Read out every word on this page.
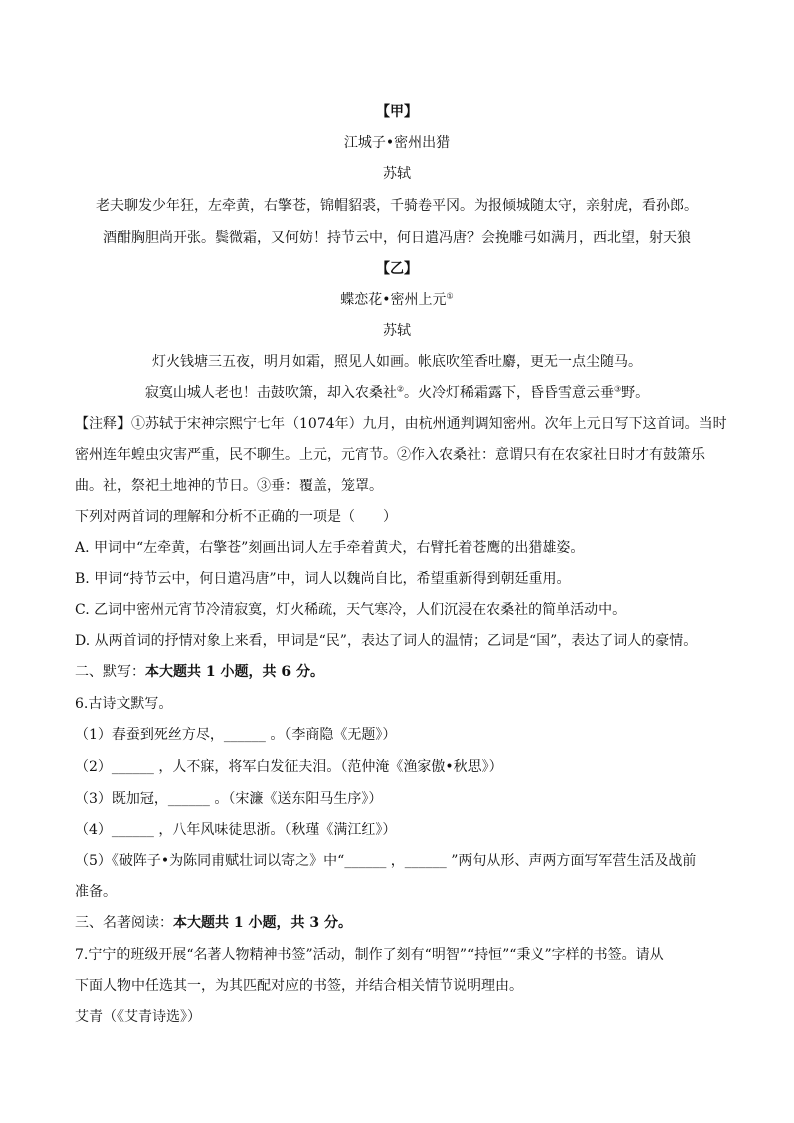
【甲】
江城子•密州出猎
苏轼
老夫聊发少年狂，左牵黄，右擎苍，锦帽貂裘，千骑卷平冈。为报倾城随太守，亲射虎，看孙郎。
酒酣胸胆尚开张。鬓微霜，又何妨！持节云中，何日遣冯唐？会挽雕弓如满月，西北望，射天狼
【乙】
蝶恋花•密州上元①
苏轼
灯火钱塘三五夜，明月如霜，照见人如画。帐底吹笙香吐麝，更无一点尘随马。
寂寞山城人老也！击鼓吹箫，却入农桑社②。火冷灯稀霜露下，昏昏雪意云垂③野。
【注释】①苏轼于宋神宗熙宁七年（1074年）九月，由杭州通判调知密州。次年上元日写下这首词。当时
密州连年蝗虫灾害严重，民不聊生。上元，元宵节。②作入农桑社：意谓只有在农家社日时才有鼓箫乐
曲。社，祭祀土地神的节日。③垂：覆盖，笼罩。
下列对两首词的理解和分析不正确的一项是（　　）
A. 甲词中“左牵黄，右擎苍”刻画出词人左手牵着黄犬，右臂托着苍鹰的出猎雄姿。
B. 甲词“持节云中，何日遣冯唐”中，词人以魏尚自比，希望重新得到朝廷重用。
C. 乙词中密州元宵节冷清寂寞，灯火稀疏，天气寒冷，人们沉浸在农桑社的简单活动中。
D. 从两首词的抒情对象上来看，甲词是“民”，表达了词人的温情；乙词是“国”，表达了词人的豪情。
二、默写：本大题共 1 小题，共 6 分。
6.古诗文默写。
（1）春蚕到死丝方尽，______ 。（李商隐《无题》）
（2）______ ，人不寐，将军白发征夫泪。（范仲淹《渔家傲•秋思》）
（3）既加冠，______ 。（宋濂《送东阳马生序》）
（4）______ ，八年风味徒思浙。（秋瑾《满江红》）
（5）《破阵子•为陈同甫赋壮词以寄之》中“______ ，______ ”两句从形、声两方面写军营生活及战前
准备。
三、名著阅读：本大题共 1 小题，共 3 分。
7.宁宁的班级开展“名著人物精神书签”活动，制作了刻有“明智”“持恒”“秉义”字样的书签。请从
下面人物中任选其一，为其匹配对应的书签，并结合相关情节说明理由。
艾青（《艾青诗选》）
